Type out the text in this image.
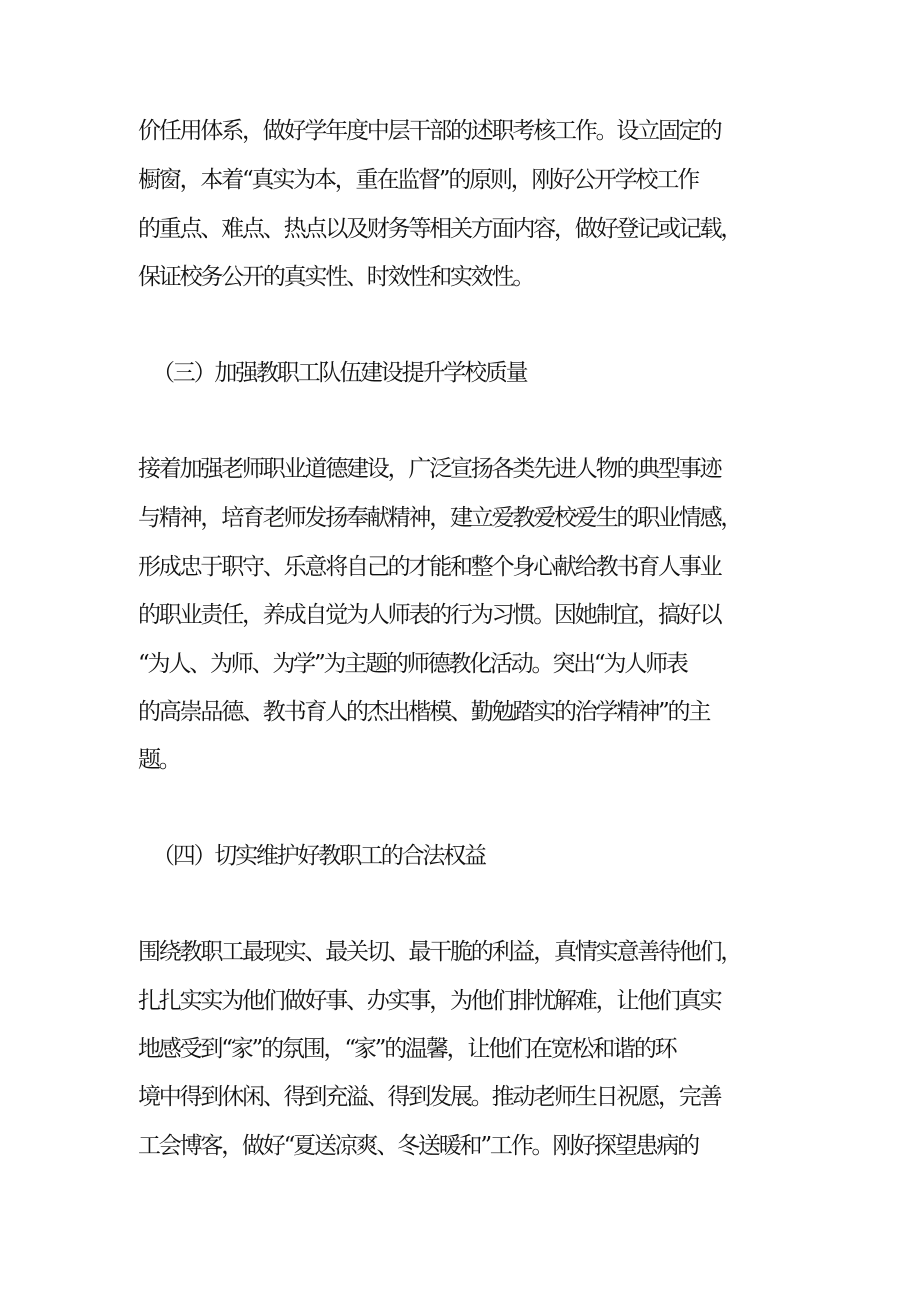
价任用体系，做好学年度中层干部的述职考核工作。设立固定的
橱窗，本着“真实为本，重在监督”的原则，刚好公开学校工作
的重点、难点、热点以及财务等相关方面内容，做好登记或记载，
保证校务公开的真实性、时效性和实效性。
（三）加强教职工队伍建设提升学校质量
接着加强老师职业道德建设，广泛宣扬各类先进人物的典型事迹
与精神，培育老师发扬奉献精神，建立爱教爱校爱生的职业情感，
形成忠于职守、乐意将自己的才能和整个身心献给教书育人事业
的职业责任，养成自觉为人师表的行为习惯。因她制宜，搞好以
“为人、为师、为学”为主题的师德教化活动。突出“为人师表
的高崇品德、教书育人的杰出楷模、勤勉踏实的治学精神”的主
题。
（四）切实维护好教职工的合法权益
围绕教职工最现实、最关切、最干脆的利益，真情实意善待他们，
扎扎实实为他们做好事、办实事，为他们排忧解难，让他们真实
地感受到“家”的氛围，“家”的温馨，让他们在宽松和谐的环
境中得到休闲、得到充溢、得到发展。推动老师生日祝愿，完善
工会博客，做好“夏送凉爽、冬送暖和”工作。刚好探望患病的
